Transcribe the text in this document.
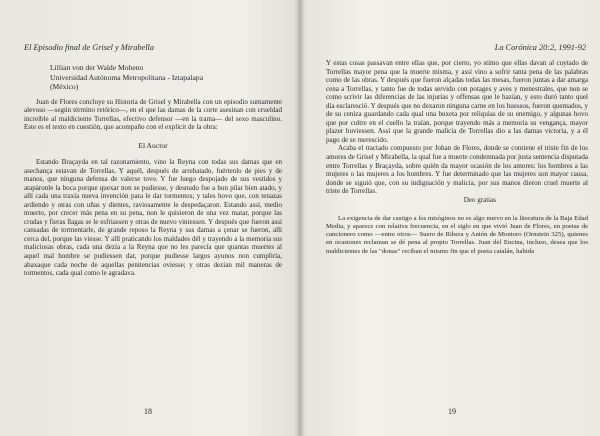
El Episodio final de Grisel y Mirabella
Lillian von der Walde Moheno
Universidad Autónoma Metropolitana - Iztapalapa
(México)

Juan de Flores concluye su Historia de Grisel y Mirabella con un episodio sumamente alevoso —según término retórico—, en el que las damas de la corte asesinan con crueldad increíble al maldiciente Torrellas, efectivo defensor —en la trama— del sexo masculino. Este es el texto en cuestión, que acompaño con el explicit de la obra:

El Auctor

Estando Braçayda en tal razonamiento, vino la Reyna con todas sus damas que en asechança estavan de Torrellas. Y aquél, después de arrebatado, fuértenlo de pies y de manos, que ninguna defensa de valerse tovo. Y fue luego despojado de sus vestidos y atapáronle la boca porque quexar non se pudiesse, y desnudo fue a hun pilar bien atado, y allí cada una traxía nueva invención para le dar tormentos; y tales hovo que, con tenazas ardiendo y otras con uñas y dientes, raviosamente le despedaçaron. Estando assí, medio muerto, por crecer más pena en su pena, non le quisieron de una vez matar, porque las crudas y fieras llagas se le esfriassen y otras de nuevo viniessen. Y después que fueron assí cansadas de tormentarle, de grande reposo la Reyna y sus damas a çenar se fueron, allí cerca del, porque las viesse. Y allí praticando los maldades dél y trayendo a la memoria sus maliciosas obras, cada una dezía a la Reyna que no les parecía que quantas muertes al aquel mal hombre se pudiessen dar, porque pudiesse largos ayunos non cumpliría, abaxaque cada noche de aquellas penitencias oviesse; y otras dezían mil maneras de tormentos, cada qual como le agradava.

18
La Corónica 20:2, 1991-92

Y estas cosas passavan entre ellas que, por cierto, yo stimo que ellas davan al cuytado de Torrellas mayor pena que la muerte misma, y assí vino a sofrir tanta pena de las palabras como de las obras. Y después que fueron alçadas todas las mesas, fueron juntas a dar amarga cena a Torrellas, y tanto fue de todas servido con potages y aves y menestrales, que non se como scrivir las diferencias de las injurias y offensas que le hazían, y esto duró tanto quel dia esclaresció. Y después que no dexaron ninguna carne en los huessos, fueron quemados, y de su ceniza guardando cada qual una buxeta por reliquias de su enemigo, y algunas hovo que por cultre en el cuello la traían, porque trayendo más a memoria su vengança, mayor plazer huviessen. Assí que la grande malicia de Torrellas dio a las damas victoria, y a él pago de se merescido.

Acaba el tractado compuesto por Johan de Flores, donde se contiene el triste fin de los amores de Grisel y Mirabella, la qual fue a muerte condemnada por justa sentencia disputada entre Torrellas y Braçayda, sobre quién da mayor ocasión de los amores: los hombres a las mujeres o las mujeres a los hombres. Y fue determinado que las mujeres son mayor causa, donde se siguió que, con su indignación y malicia, por sus manos dieron cruel muerte al triste de Torrellas.

Deo gratias

La exigencia de dar castigo a los misóginos no es algo nuevo en la literatura de la Baja Edad Media, y aparece con relativa frecuencia, en el siglo en que vivió Juan de Flores, en poetas de cancionero como —entre otros— Suero de Ribera y Antón de Montoro (Ornstein 325), quienes en ocasiones reclaman se dé pena al propio Torrellas. Juan del Encina, incluso, desea que los maldicientes de las "donas" reciban el mismo fin que el poeta catalán, habida

19
